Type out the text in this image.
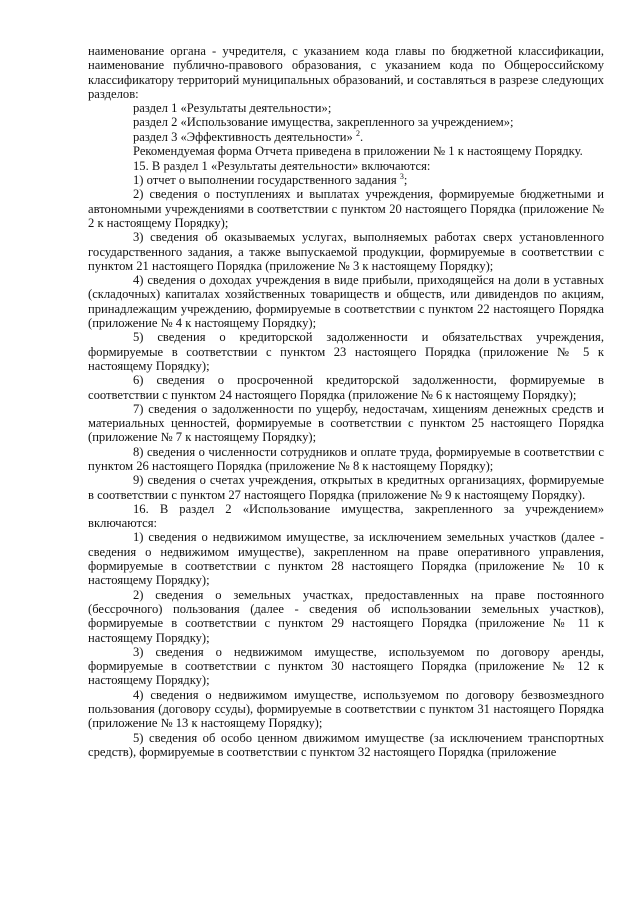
наименование органа - учредителя, с указанием кода главы по бюджетной классификации, наименование публично-правового образования, с указанием кода по Общероссийскому классификатору территорий муниципальных образований, и составляться в разрезе следующих разделов:

раздел 1 «Результаты деятельности»;

раздел 2 «Использование имущества, закрепленного за учреждением»;

раздел 3 «Эффективность деятельности» $^2$.

Рекомендуемая форма Отчета приведена в приложении № 1 к настоящему Порядку.

15. В раздел 1 «Результаты деятельности» включаются:

1) отчет о выполнении государственного задания $^3$;

2) сведения о поступлениях и выплатах учреждения, формируемые бюджетными и автономными учреждениями в соответствии с пунктом 20 настоящего Порядка (приложение № 2 к настоящему Порядку);

3) сведения об оказываемых услугах, выполняемых работах сверх установленного государственного задания, а также выпускаемой продукции, формируемые в соответствии с пунктом 21 настоящего Порядка (приложение № 3 к настоящему Порядку);

4) сведения о доходах учреждения в виде прибыли, приходящейся на доли в уставных (складочных) капиталах хозяйственных товариществ и обществ, или дивидендов по акциям, принадлежащим учреждению, формируемые в соответствии с пунктом 22 настоящего Порядка (приложение № 4 к настоящему Порядку);

5) сведения о кредиторской задолженности и обязательствах учреждения, формируемые в соответствии с пунктом 23 настоящего Порядка (приложение № 5 к настоящему Порядку);

6) сведения о просроченной кредиторской задолженности, формируемые в соответствии с пунктом 24 настоящего Порядка (приложение № 6 к настоящему Порядку);

7) сведения о задолженности по ущербу, недостачам, хищениям денежных средств и материальных ценностей, формируемые в соответствии с пунктом 25 настоящего Порядка (приложение № 7 к настоящему Порядку);

8) сведения о численности сотрудников и оплате труда, формируемые в соответствии с пунктом 26 настоящего Порядка (приложение № 8 к настоящему Порядку);

9) сведения о счетах учреждения, открытых в кредитных организациях, формируемые в соответствии с пунктом 27 настоящего Порядка (приложение № 9 к настоящему Порядку).

16. В раздел 2 «Использование имущества, закрепленного за учреждением» включаются:

1) сведения о недвижимом имуществе, за исключением земельных участков (далее - сведения о недвижимом имуществе), закрепленном на праве оперативного управления, формируемые в соответствии с пунктом 28 настоящего Порядка (приложение № 10 к настоящему Порядку);

2) сведения о земельных участках, предоставленных на праве постоянного (бессрочного) пользования (далее - сведения об использовании земельных участков), формируемые в соответствии с пунктом 29 настоящего Порядка (приложение № 11 к настоящему Порядку);

3) сведения о недвижимом имуществе, используемом по договору аренды, формируемые в соответствии с пунктом 30 настоящего Порядка (приложение № 12 к настоящему Порядку);

4) сведения о недвижимом имуществе, используемом по договору безвозмездного пользования (договору ссуды), формируемые в соответствии с пунктом 31 настоящего Порядка (приложение № 13 к настоящему Порядку);

5) сведения об особо ценном движимом имуществе (за исключением транспортных средств), формируемые в соответствии с пунктом 32 настоящего Порядка (приложение
